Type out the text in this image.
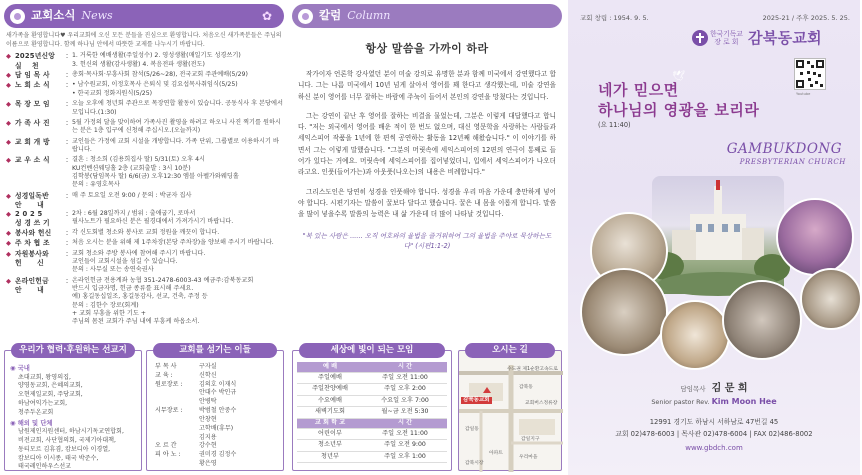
교회소식 News	✿
새가족을 환영합니다♥ 우리교회에 오신 모든 분들을 진심으로 환영합니다. 처음오신 새가족분들은 주님의 이름으로 환영합니다. 함께 하나님 안에서 따뜻한 교제를 나누시기 바랍니다.
◆ 2025년신앙
실    천
: 1. 거룩한 예배생활(주일성수) 2. 영성생활(매일기도 성경쓰기)
3. 헌신의 생활(감사생활) 4. 복음전파 생활(전도)
◆ 담 임 목 사	: 총회·목사회·부흥사회 참석(5/26~28), 전국교회 주관예배(5/29)
◆ 노 회 소 식	: • 남수원교회, 이정호목사 은퇴식 및 김요섭목사취임식(5/25)
• 한국교회 정화지원식(5/25)
◆ 목 장 모 임	: 오늘 오후에 청년회 주관으로 목장연합 활동이 있습니다. 공동식사 후 본당에서 모입니다.(1:30)
◆ 가 족 사 진	: 5월 가정의 달을 맞이하여 가족사진 촬영을 하려고 하오니 사진 찍기를 원하시는 분은 1층 입구에 신청해 주십시오.(오늘까지)
◆ 교 회 개 방	: 교인들은 가정에 교회 시설을 개방합니다. 가족 단위, 그룹별로 이용하시기 바랍니다.
◆ 교 우 소 식	: 결혼 : 청소희 (김용희집사 딸) 5/31(토) 오후 4시
KU컨벤션웨딩홀 2층 (교회출발 : 3시 10분)
김학봉(담임목사 딸) 6/6(금) 오후12:30 엠블 아펠가와웨딩홀
문의 : 유영호목사
◆ 성경일독반
안      내
: 매 주 토요일 오전 9:00 / 문의 : 박균자 집사
◆ 2 0 2 5
성 경 쓰 기
: 2차 : 6월 28일까지 / 범위 : 출애굽기, 로마서
필사노트가 필요하신 분은 필경대에서 가져가시기 바랍니다.
◆ 봉사와 헌신	: 각 신도회별 청소와 봉사로 교회 정원을 깨끗이 합니다.
◆ 주 차 협 조	: 처음 오시는 분을 위해 제 1주차장(본당 주차장)을 양보해 주시기 바랍니다.
◆ 자원봉사와
헌      신
: 교회 청소와 주방 봉사에 참여해 주시기 바랍니다.
교인들이 교회시설을 섬길 수 있습니다.
문의 : 사무실 또는 송연숙권사
◆ 온라인헌금
안      내
: 온라인헌금 전용계좌 농협 351-2478-6003-43 예금주:감북동교회
반드시 입금자명, 헌금 종류를 표시해 주세요.
예) 홍길동십일조, 홍길동감사, 선교, 건축, 주정 등
문의 : 김한수 장로(회계)
+ 교회 부흥을 위한 기도 +
주님의 몸된 교회가 주님 내에 부흥케 하옵소서.
우리가 협력·후원하는 선교지
◉ 국내
초대교회, 왕영의집,
양영동교회, 은혜의교회,
오현제일교회, 주당교회,
하남여익가는교회,
청주두온교회
◉ 해외 및 단체
남원제인지원센터, 하남시기독교연합회,
비전교회, 사단협의회, 국제기아대책,
동티모르 김휴겸, 캄보디아 이경열,
캄보디아 이시종, 태국 박준수,
태국레인하우스선교
교회를 섬기는 이들
부 목 사	구자실
교 육 :	신학신
원로장로 :	김의호 이재식
안대수 박인규
안병탁
시무장로 :	박범철 안중수
안창현
고학배(휴무)
김지용
오 르 간	강수현
피 아 노 :	권미경 김정수
황은영
칼럼 Column
항상 말씀을 가까이 하라

작가이자 언론학 강사였던 분이 미술 강의로 유명한 분과 함께 미국에서 강연했다고 합니다. 그는 나름 미국에서 10년 넘게 살아서 영어를 꽤 한다고 생각했는데, 미술 강연을 하신 분이 영어를 너무 잘하는 바람에 주눅이 들어서 본인의 강연을 망쳤다는 것입니다.

그는 강연이 끝난 후 영어를 잘하는 비결을 물었는데, 그분은 이렇게 대답했다고 합니다. "저는 외국에서 영어를 배운 적이 한 번도 없으며, 대신 영문학을 사랑하는 사람들과 세익스피어 작품을 1년에 한 편씩 공연하는 활동을 12년째 해왔습니다." 이 이야기를 하면서 그는 이렇게 말했습니다. "그분의 머릿속에 세익스피어의 12편의 연극이 통째로 들어가 있다는 거예요. 머릿속에 세익스피어를 집어넣었더니, 입에서 세익스피어가 나오더라고요. 인풋(들어가는)과 아웃풋(나오는)의 내용은 비례합니다."

그리스도인은 당연히 성경을 인풋해야 합니다. 성경을 우리 마음 가운데 충만하게 넣어야 합니다. 시편기자는 말씀이 꿀보다 달다고 했습니다. 꿀은 내 몸을 이롭게 합니다. 말씀을 많이 넣을수록 말씀의 능력은 내 삶 가운데 더 많이 나타날 것입니다.

"복 있는 사람은 ...... 오직 여호와의 율법을 즐거워하여 그의 율법을 주야로 묵상하는도다" (시편1:1-2)
세상에 빛이 되는 모임
예 배	시 간
주일예배	주일 오전 11:00
주일찬양예배	주일 오후 2:00
수요예배	수요일 오후 7:00
새벽기도회	월~금 오전 5:30
교 회 학 교	시 간
어린이부	주일 오전 11:00
청소년부	주일 오전 9:00
청년부	주일 오후 1:00
오시는 길
수도권 제1순환고속도로
감북동교회
감북동
교회버스정류장
감일동
감일지구
아파트
우리마을
감북시장
교회 창립 : 1954. 9. 5.	2025-21 / 주후 2025. 5. 25.
한국기독교
장 로 회 감북동교회
Youtube
🕊
네가 믿으면
하나님의 영광을 보리라
(요 11:40)
GAMBUKDONG
PRESBYTERIAN CHURCH
담임목사 김 문 희
Senior pastor Rev. Kim Moon Hee
12991 경기도 하남시 서하남로 47번길 45
교회 02)478-6003 | 목사관 02)478-6004 | FAX 02)486-8002
www.gbdch.com
